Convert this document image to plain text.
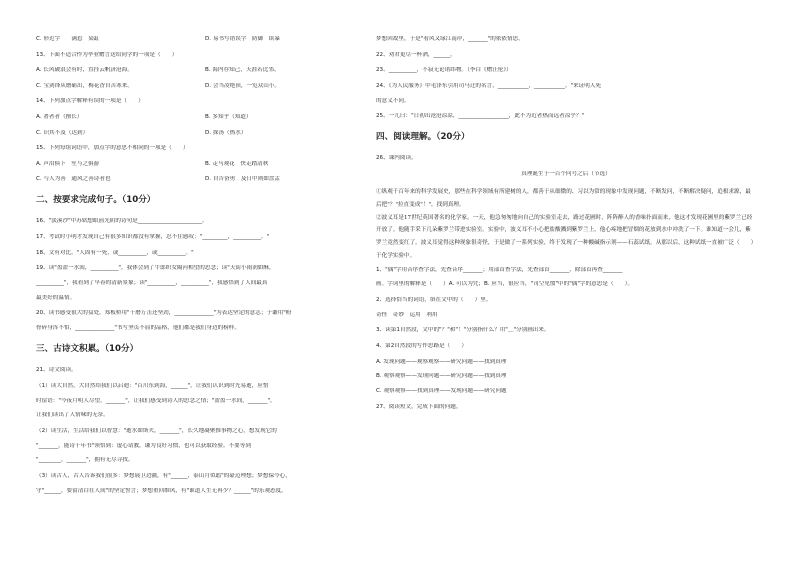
C. 形近字　　满惹　染缸	D. 易书写错误字　防御　缤暴
13、下面不适合作为毕业赠言送给同学的一项是（　　）
A. 长风破浪会有时，直挂云帆济沧海。	B. 海内存知己，天涯若比邻。
C. 宝剑锋从磨砺出，梅花香自苦寒来。	D. 会当凌绝顶，一览众山小。
14、下列加点字解释有误的一项是（　　）
A. 著者者（擅长）	B. 多知乎（知道）
C. 识其不及（达到）	D. 探汤（热水）
15、下列每组词语中，加点字的意思不相同的一项是（　　）
A. 声泪俱下　笙与之俱游	B. 走马观花　快走踏清秋
C. 与人为善　通风之善诗者也	D. 自告奋勇　及日中则如盘盂
二、按要求完成句子。（10分）
16、"淡溪沙"中苏轼想眼前光阴的诗句是_______________________。
17、考试时小明才发现自己有很多知识都没有掌握，忍不住感叹："_________，__________。"
18、文有对比。"人固有一死，或__________，或__________。"
19、读"盈盈一水间，__________"，我体会到了牛郎织女隔河相望的思念；读"天街小雨润如酥，
__________"，我看到了早春的清新景象；读"__________，__________"，我感悟到了人间最真
最美好的温情。
20、读书感受很大的益处，郑板桥用"千磨万击还坚劲，______________"为表达坚定的意志；于谦用"粉
骨碎身浑不怕，______________"书写坚贞不屈的品格，他们都是我们身边的榜样。
三、古诗文积累。（10分）
21、诗文阅读。
（1）读大自然，大自然给我们以启迪："百川东到海，______"，让我们认识到时光易逝，应惜
时留语："今夜月明人尽望，_______"，让我们感受到诗人的思念之情；"盈盈一水间，_______"，
让我们读出了人情味的无奈。
（2）读生活，生活给我们以智慧："逝水如斯夫，_______"，长久地凝聚推事物之心，想发现它的
"_______，能诗千年书"领悟到：虚心请教，谦为良好习惯，也可以获取经验。不要等到
"________，_______"，拥有无尽寻找。
（3）读古人，古人告诉我们很多：梦想展卫边疆，有"______，泰山月似鸱"的豪迈理想；梦想保今心，
守"______，要留清白在人间"的坚定誓言；梦想重回维风，有"谁道人生无再少？______"的乐观态度。
梦想回故里，于是"看风又绿江南岸，_______"的依依情思。
22、劝君更尽一杯酒，______。
23、__________，不寂无论诸纬物。（李白《赠汪伦》）
24、《为人民服务》中毛泽东引用司马迁的名言，___________，___________。"来证明人死
的意义不同。
25、一儿曰："日初出沧沧凉凉，__________________，此不为近者热而远者凉乎？"
四、阅读理解。（20分）
26、课内阅读。
真理诞生于一百个问号之后（节选）

①纵观千百年来的科学发展史，那些在科学领域有所建树的人，都善于从细微的、习以为常的现象中发现问题，不断发问，不断解决疑问，追根求源，最后把"？"拉直变成"！"，找到真理。

②波义耳是17世纪英国著名的化学家。一天，他急匆匆地向自己的实验室走去，路过花圃时，阵阵醉人的香味扑面而来，他这才发现花圃里的紫罗兰已经开放了。他随手采下几朵紫罗兰带进实验室。实验中，波义耳不小心把盐酸溅到紫罗兰上，他心疼地把冒烟的花放到水中冲洗了一下。谁知道一会儿，紫罗兰竟然变红了。波义耳觉得这种现象很奇怪，于是做了一系列实验，终于发现了一种酸碱指示剂——石蕊试纸。从那以后，这种试纸一直被广泛（　　）于化学实验中。

1、"偶"字用音序查字法，先查音序_______；用部首查字法，先查部首_______，除部首再查_______
画。字词里的解释是（　　）A. 可以为凭；B. 应当，很应当，"司空见惯"中的"偶"字的意思是（　　）。
2、选择恰当的词语，填在文中的（　　）里。
奇怪　奇妙　运用　利用
3、读第1自然段，文中的"？"和"！"分别指什么？用"＿"分别画出来。
4、第2自然段的写作思路是（　　）
A. 发现问题——观察观察——研究问题——找到真理
B. 观察观察——发现问题——研究问题——找到真理
C. 观察观察——找到真理——发现问题——研究问题
27、阅读短文，完成下面的问题。
